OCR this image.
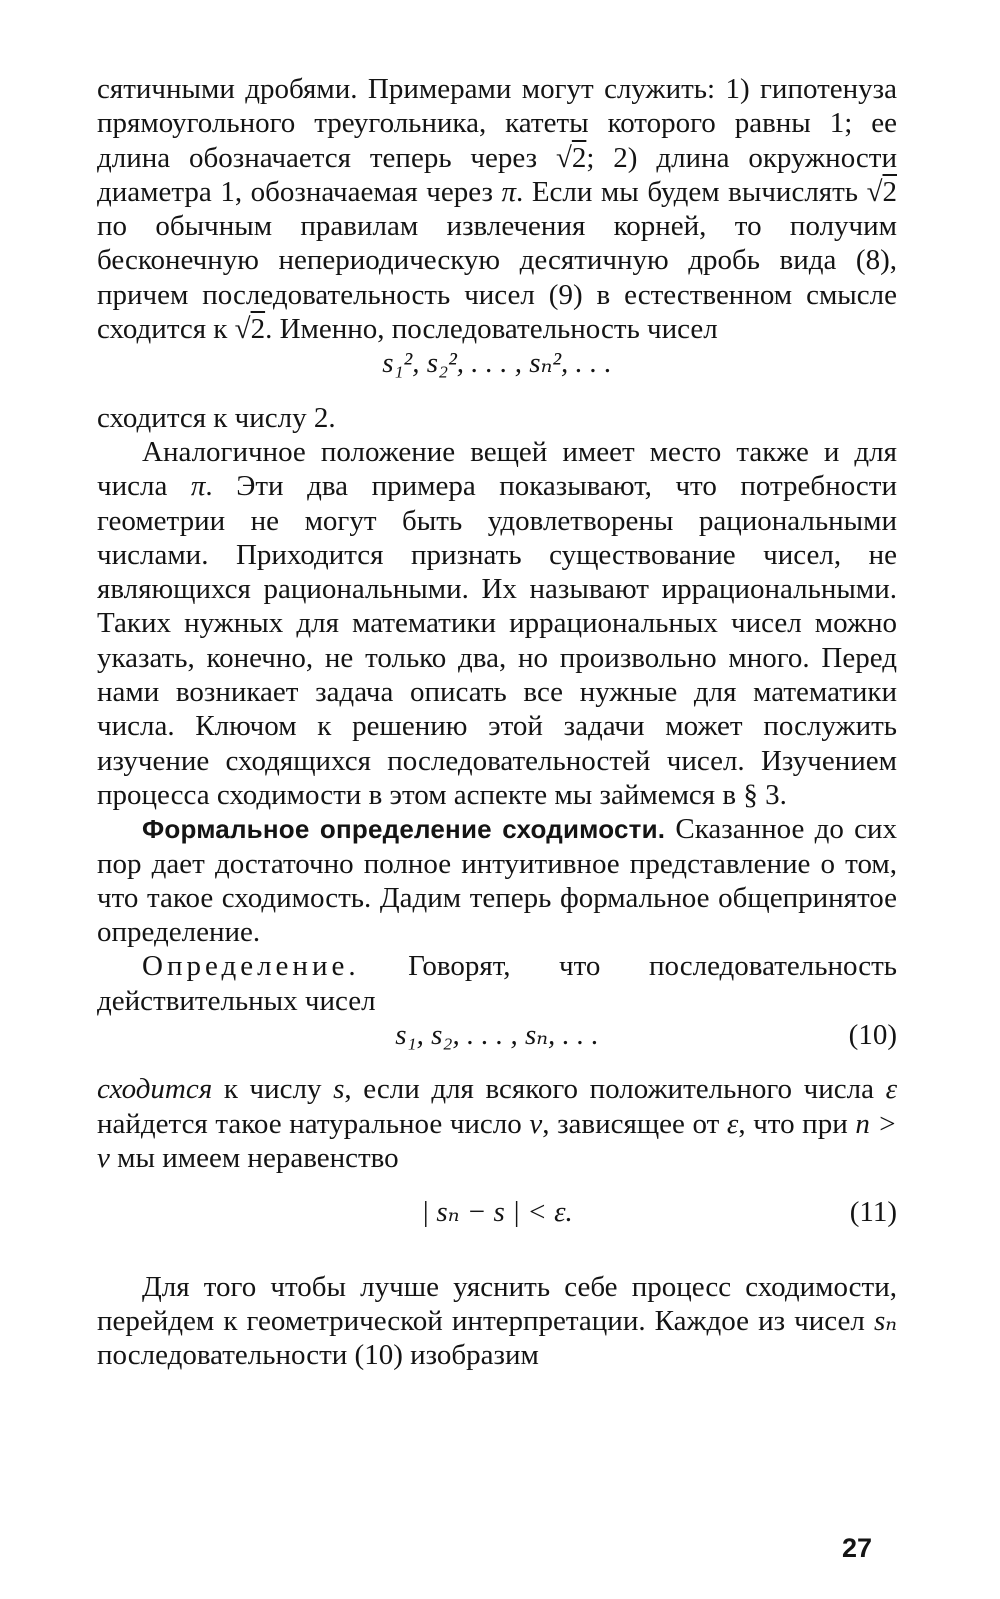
сятичными дробями. Примерами могут служить: 1) гипотенуза прямоугольного треугольника, катеты которого равны 1; ее длина обозначается теперь через √2; 2) длина окружности диаметра 1, обозначаемая через π. Если мы будем вычислять √2 по обычным правилам извлечения корней, то получим бесконечную непериодическую десятичную дробь вида (8), причем последовательность чисел (9) в естественном смысле сходится к √2. Именно, последовательность чисел

s₁², s₂², . . . , sₙ², . . .

сходится к числу 2.

Аналогичное положение вещей имеет место также и для числа π. Эти два примера показывают, что потребности геометрии не могут быть удовлетворены рациональными числами. Приходится признать существование чисел, не являющихся рациональными. Их называют иррациональными. Таких нужных для математики иррациональных чисел можно указать, конечно, не только два, но произвольно много. Перед нами возникает задача описать все нужные для математики числа. Ключом к решению этой задачи может послужить изучение сходящихся последовательностей чисел. Изучением процесса сходимости в этом аспекте мы займемся в § 3.

Формальное определение сходимости. Сказанное до сих пор дает достаточно полное интуитивное представление о том, что такое сходимость. Дадим теперь формальное общепринятое определение.

Определение. Говорят, что последовательность действительных чисел

s₁, s₂, . . . , sₙ, . . .	(10)

сходится к числу s, если для всякого положительного числа ε найдется такое натуральное число ν, зависящее от ε, что при n > ν мы имеем неравенство

| sₙ − s | < ε.	(11)

Для того чтобы лучше уяснить себе процесс сходимости, перейдем к геометрической интерпретации. Каждое из чисел sₙ последовательности (10) изобразим

27
